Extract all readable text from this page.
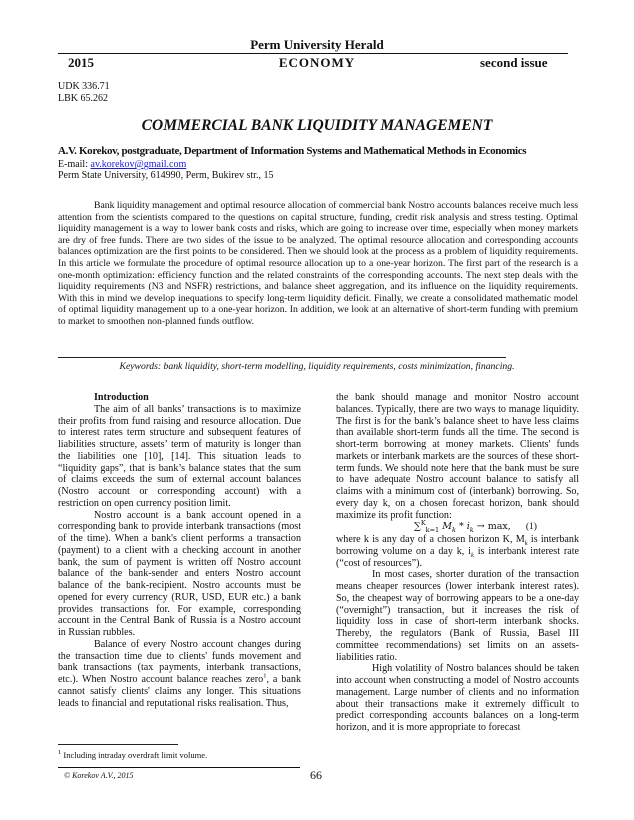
Perm University Herald
2015	ECONOMY	second issue
UDK 336.71
LBK 65.262
COMMERCIAL BANK LIQUIDITY MANAGEMENT
A.V. Korekov, postgraduate, Department of Information Systems and Mathematical Methods in Economics
E-mail: av.korekov@gmail.com
Perm State University, 614990, Perm, Bukirev str., 15

Bank liquidity management and optimal resource allocation of commercial bank Nostro accounts balances receive much less attention from the scientists compared to the questions on capital structure, funding, credit risk analysis and stress testing. Optimal liquidity management is a way to lower bank costs and risks, which are going to increase over time, especially when money markets are dry of free funds. There are two sides of the issue to be analyzed. The optimal resource allocation and corresponding accounts balances optimization are the first points to be considered. Then we should look at the process as a problem of liquidity requirements. In this article we formulate the procedure of optimal resource allocation up to a one-year horizon. The first part of the research is a one-month optimization: efficiency function and the related constraints of the corresponding accounts. The next step deals with the liquidity requirements (N3 and NSFR) restrictions, and balance sheet aggregation, and its influence on the liquidity requirements. With this in mind we develop inequations to specify long-term liquidity deficit. Finally, we create a consolidated mathematic model of optimal liquidity management up to a one-year horizon. In addition, we look at an alternative of short-term funding with premium to market to smoothen non-planned funds outflow.

Keywords: bank liquidity, short-term modelling, liquidity requirements, costs minimization, financing.
Introduction

The aim of all banks’ transactions is to maximize their profits from fund raising and resource allocation. Due to interest rates term structure and subsequent features of liabilities structure, assets’ term of maturity is longer than the liabilities one [10], [14]. This situation leads to “liquidity gaps”, that is bank’s balance states that the sum of claims exceeds the sum of external account balances (Nostro account or corresponding account) with a restriction on open currency position limit.

Nostro account is a bank account opened in a corresponding bank to provide interbank transactions (most of the time). When a bank's client performs a transaction (payment) to a client with a checking account in another bank, the sum of payment is written off Nostro account balance of the bank-sender and enters Nostro account balance of the bank-recipient. Nostro accounts must be opened for every currency (RUR, USD, EUR etc.) a bank provides transactions for. For example, corresponding account in the Central Bank of Russia is a Nostro account in Russian rubbles.

Balance of every Nostro account changes during the transaction time due to clients' funds movement and bank transactions (tax payments, interbank transactions, etc.). When Nostro account balance reaches zero$^1$, a bank cannot satisfy clients' claims any longer. This situations leads to financial and reputational risks realisation. Thus,

the bank should manage and monitor Nostro account balances. Typically, there are two ways to manage liquidity. The first is for the bank’s balance sheet to have less claims than available short-term funds all the time. The second is short-term borrowing at money markets. Clients' funds markets or interbank markets are the sources of these short-term funds. We should note here that the bank must be sure to have adequate Nostro account balance to satisfy all claims with a minimum cost of (interbank) borrowing. So, every day k, on a chosen forecast horizon, bank should maximize its profit function:

∑$^K_{k=1}$ $M_k * i_k \to \max$, (1)

where k is any day of a chosen horizon K, $M_k$ is interbank borrowing volume on a day k, $i_k$ is interbank interest rate (“cost of resources”).

In most cases, shorter duration of the transaction means cheaper resources (lower interbank interest rates). So, the cheapest way of borrowing appears to be a one-day (“overnight”) transaction, but it increases the risk of liquidity loss in case of short-term interbank shocks. Thereby, the regulators (Bank of Russia, Basel III committee recommendations) set limits on an assets-liabilities ratio.

High volatility of Nostro balances should be taken into account when constructing a model of Nostro accounts management. Large number of clients and no information about their transactions make it extremely difficult to predict corresponding accounts balances on a long-term horizon, and it is more appropriate to forecast

$^1$ Including intraday overdraft limit volume.
© Korekov A.V., 2015	66
